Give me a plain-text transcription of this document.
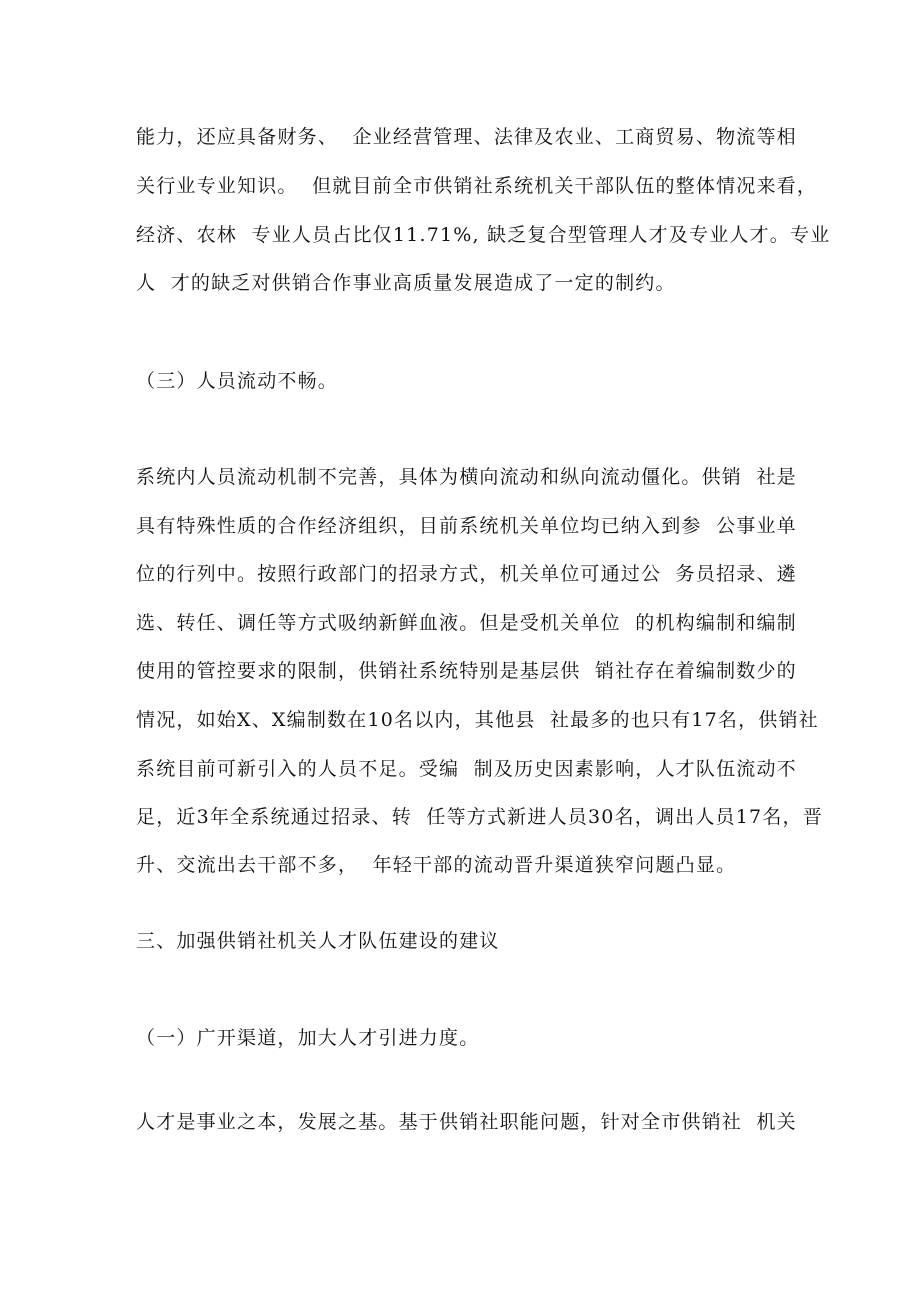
能力，还应具备财务、  企业经营管理、法律及农业、工商贸易、物流等相
关行业专业知识。  但就目前全市供销社系统机关干部队伍的整体情况来看，
经济、农林  专业人员占比仅11.71%, 缺乏复合型管理人才及专业人才。专业
人  才的缺乏对供销合作事业高质量发展造成了一定的制约。
（三）人员流动不畅。
系统内人员流动机制不完善，具体为横向流动和纵向流动僵化。供销  社是
具有特殊性质的合作经济组织，目前系统机关单位均已纳入到参  公事业单
位的行列中。按照行政部门的招录方式，机关单位可通过公  务员招录、遴
选、转任、调任等方式吸纳新鲜血液。但是受机关单位  的机构编制和编制
使用的管控要求的限制，供销社系统特别是基层供  销社存在着编制数少的
情况，如始X、X编制数在10名以内，其他县  社最多的也只有17名，供销社
系统目前可新引入的人员不足。受编  制及历史因素影响，人才队伍流动不
足，近3年全系统通过招录、转  任等方式新进人员30名，调出人员17名，晋
升、交流出去干部不多，  年轻干部的流动晋升渠道狭窄问题凸显。
三、加强供销社机关人才队伍建设的建议
（一）广开渠道，加大人才引进力度。
人才是事业之本，发展之基。基于供销社职能问题，针对全市供销社  机关
